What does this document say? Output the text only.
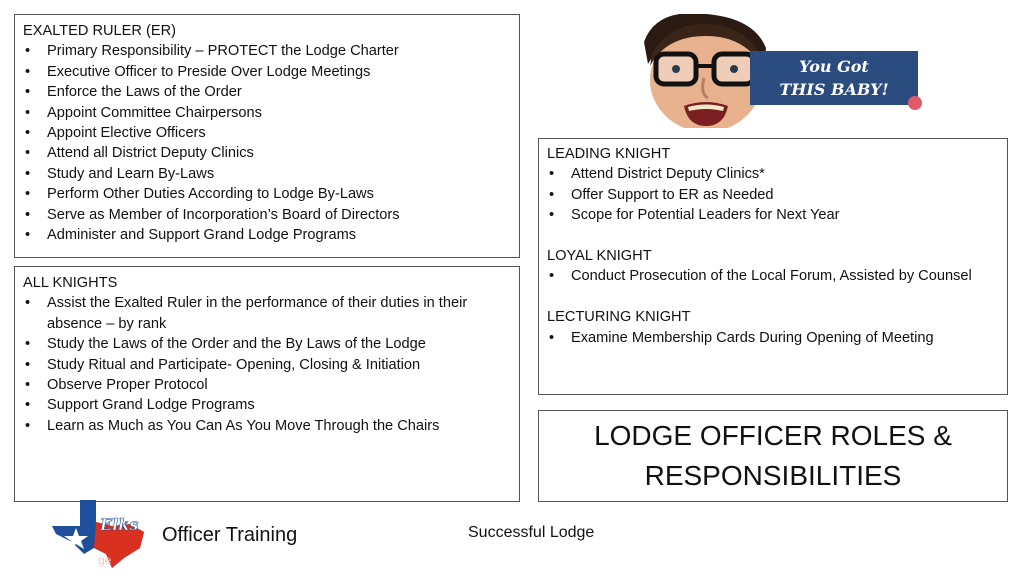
EXALTED RULER (ER)

• Primary Responsibility – PROTECT the Lodge Charter
• Executive Officer to Preside Over Lodge Meetings
• Enforce the Laws of the Order
• Appoint Committee Chairpersons
• Appoint Elective Officers
• Attend all District Deputy Clinics
• Study and Learn By-Laws
• Perform Other Duties According to Lodge By-Laws
• Serve as Member of Incorporation’s Board of Directors
• Administer and Support Grand Lodge Programs

ALL KNIGHTS

• Assist the Exalted Ruler in the performance of their duties in their absence – by rank
• Study the Laws of the Order and the By Laws of the Lodge
• Study Ritual and Participate- Opening, Closing & Initiation
• Observe Proper Protocol
• Support Grand Lodge Programs
• Learn as Much as You Can As You Move Through the Chairs

LEADING KNIGHT

• Attend District Deputy Clinics*
• Offer Support to ER as Needed
• Scope for Potential Leaders for Next Year

LOYAL KNIGHT

• Conduct Prosecution of the Local Forum, Assisted by Counsel

LECTURING KNIGHT

• Examine Membership Cards During Opening of Meeting
LODGE OFFICER ROLES &
RESPONSIBILITIES
You Got
THIS BABY!
Elks
ge
Officer Training	Successful Lodge
